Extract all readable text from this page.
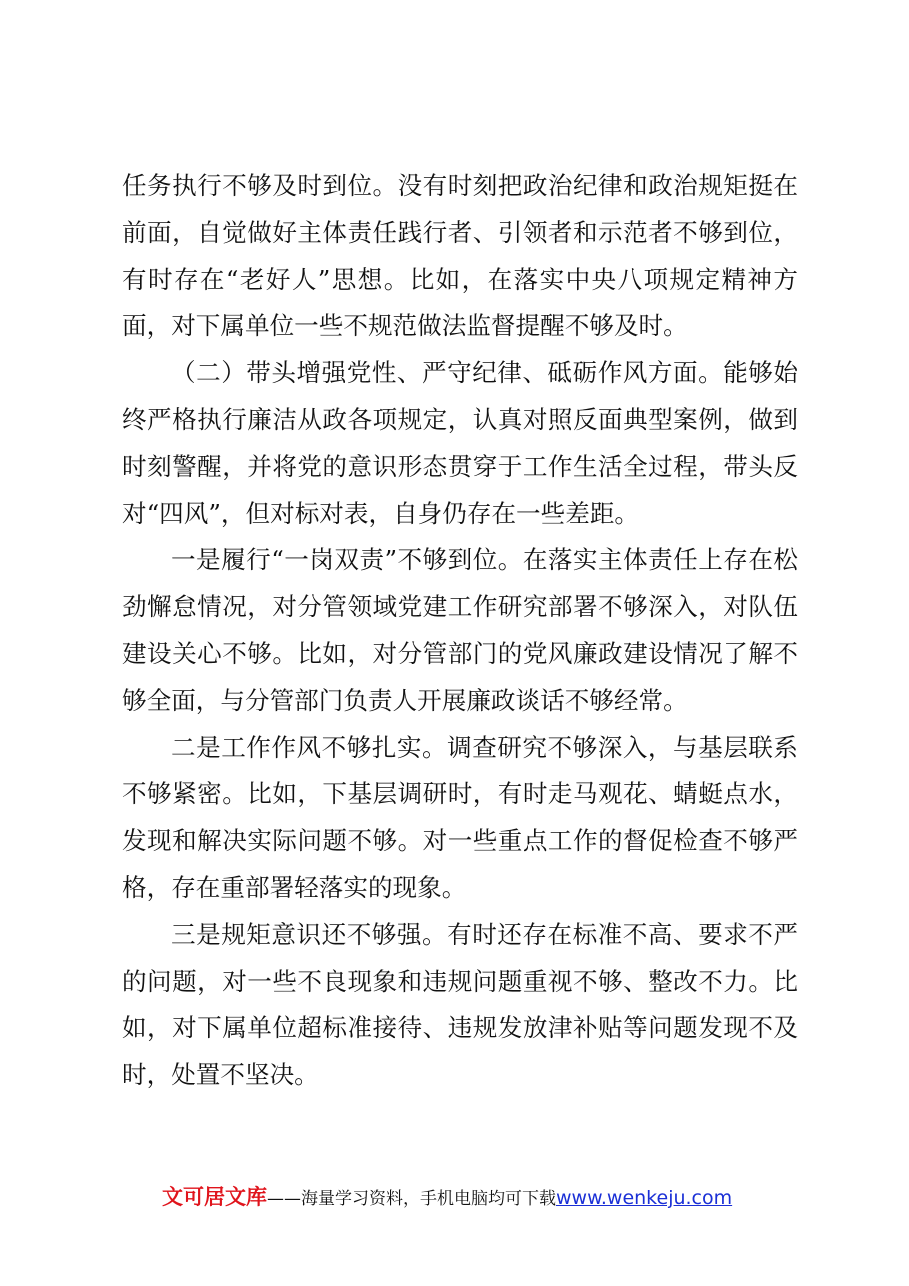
任务执行不够及时到位。没有时刻把政治纪律和政治规矩挺在前面，自觉做好主体责任践行者、引领者和示范者不够到位，有时存在“老好人”思想。比如，在落实中央八项规定精神方面，对下属单位一些不规范做法监督提醒不够及时。

（二）带头增强党性、严守纪律、砥砺作风方面。能够始终严格执行廉洁从政各项规定，认真对照反面典型案例，做到时刻警醒，并将党的意识形态贯穿于工作生活全过程，带头反对“四风”，但对标对表，自身仍存在一些差距。

一是履行“一岗双责”不够到位。在落实主体责任上存在松劲懈怠情况，对分管领域党建工作研究部署不够深入，对队伍建设关心不够。比如，对分管部门的党风廉政建设情况了解不够全面，与分管部门负责人开展廉政谈话不够经常。

二是工作作风不够扎实。调查研究不够深入，与基层联系不够紧密。比如，下基层调研时，有时走马观花、蜻蜓点水，发现和解决实际问题不够。对一些重点工作的督促检查不够严格，存在重部署轻落实的现象。

三是规矩意识还不够强。有时还存在标准不高、要求不严的问题，对一些不良现象和违规问题重视不够、整改不力。比如，对下属单位超标准接待、违规发放津补贴等问题发现不及时，处置不坚决。

文可居文库——海量学习资料，手机电脑均可下载www.wenkeju.com
